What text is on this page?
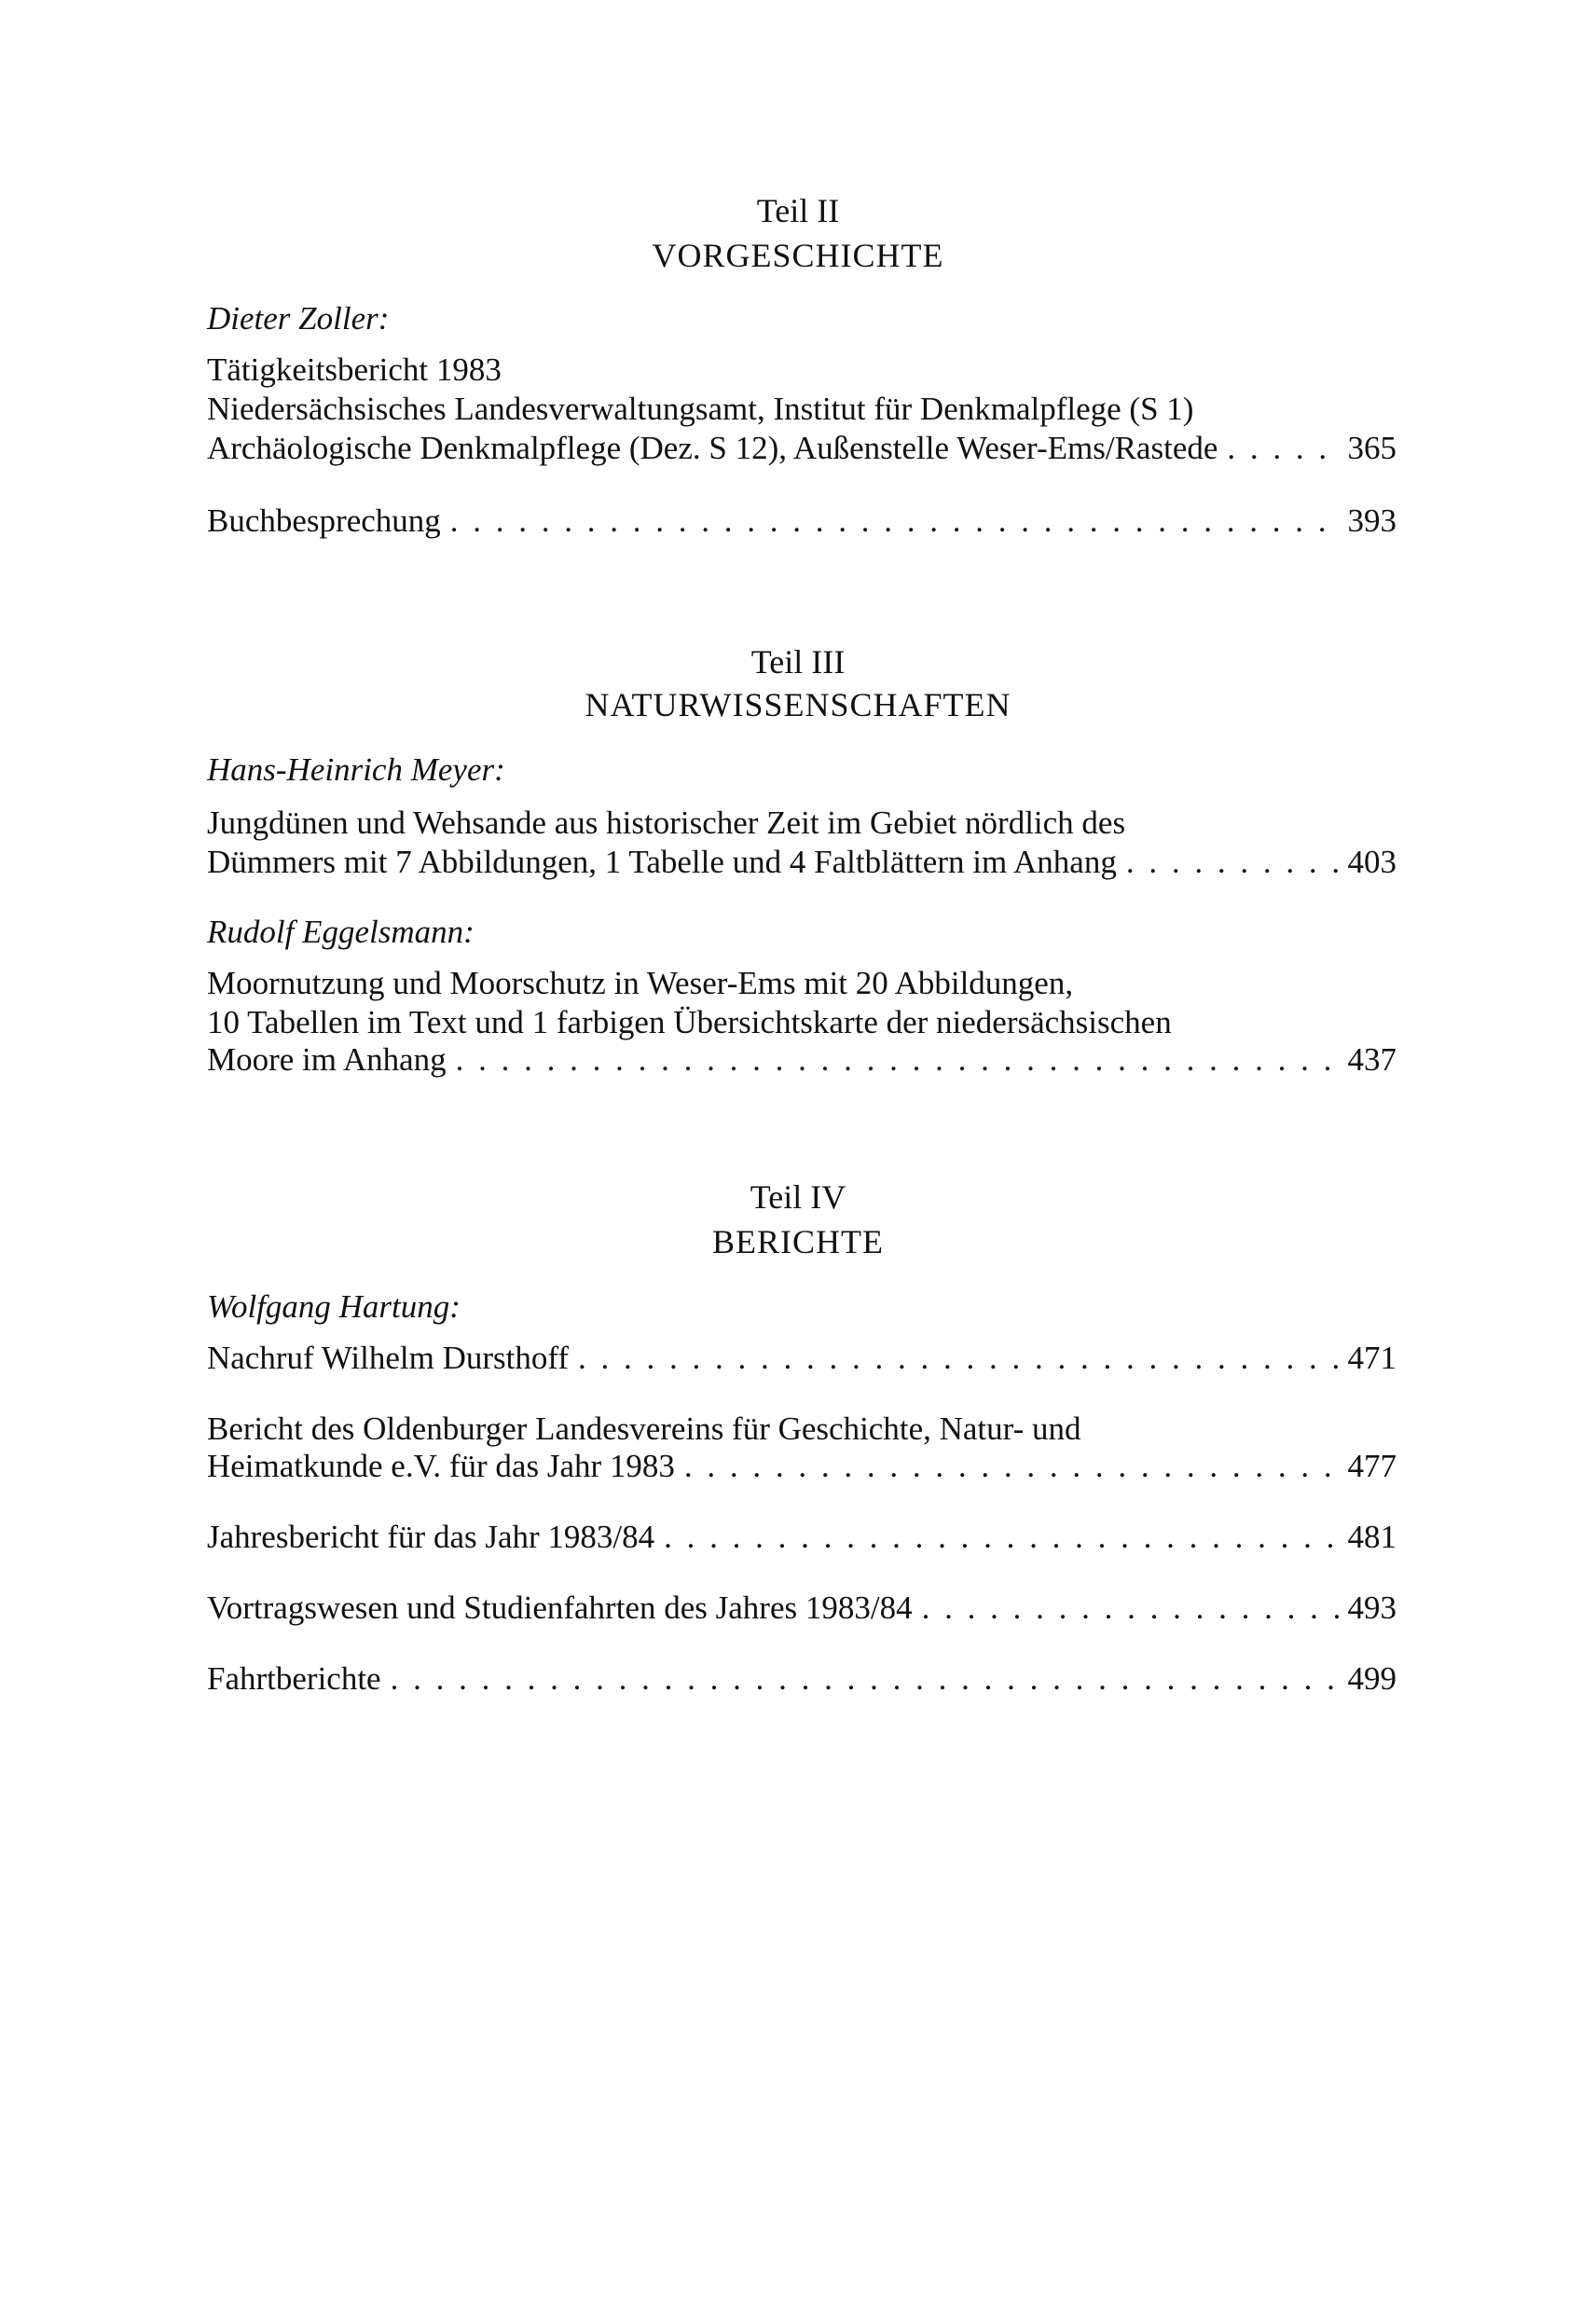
Teil II
VORGESCHICHTE
Dieter Zoller:
Tätigkeitsbericht 1983
Niedersächsisches Landesverwaltungsamt, Institut für Denkmalpflege (S 1)
Archäologische Denkmalpflege (Dez. S 12), Außenstelle Weser-Ems/Rastede . . .	365
Buchbesprechung . . .	393
Teil III
NATURWISSENSCHAFTEN
Hans-Heinrich Meyer:
Jungdünen und Wehsande aus historischer Zeit im Gebiet nördlich des
Dümmers mit 7 Abbildungen, 1 Tabelle und 4 Faltblättern im Anhang . . .	403
Rudolf Eggelsmann:
Moornutzung und Moorschutz in Weser-Ems mit 20 Abbildungen,
10 Tabellen im Text und 1 farbigen Übersichtskarte der niedersächsischen
Moore im Anhang . . .	437
Teil IV
BERICHTE
Wolfgang Hartung:
Nachruf Wilhelm Dursthoff . . .	471
Bericht des Oldenburger Landesvereins für Geschichte, Natur- und
Heimatkunde e.V. für das Jahr 1983 . . .	477
Jahresbericht für das Jahr 1983/84 . . .	481
Vortragswesen und Studienfahrten des Jahres 1983/84 . . .	493
Fahrtberichte . . .	499
